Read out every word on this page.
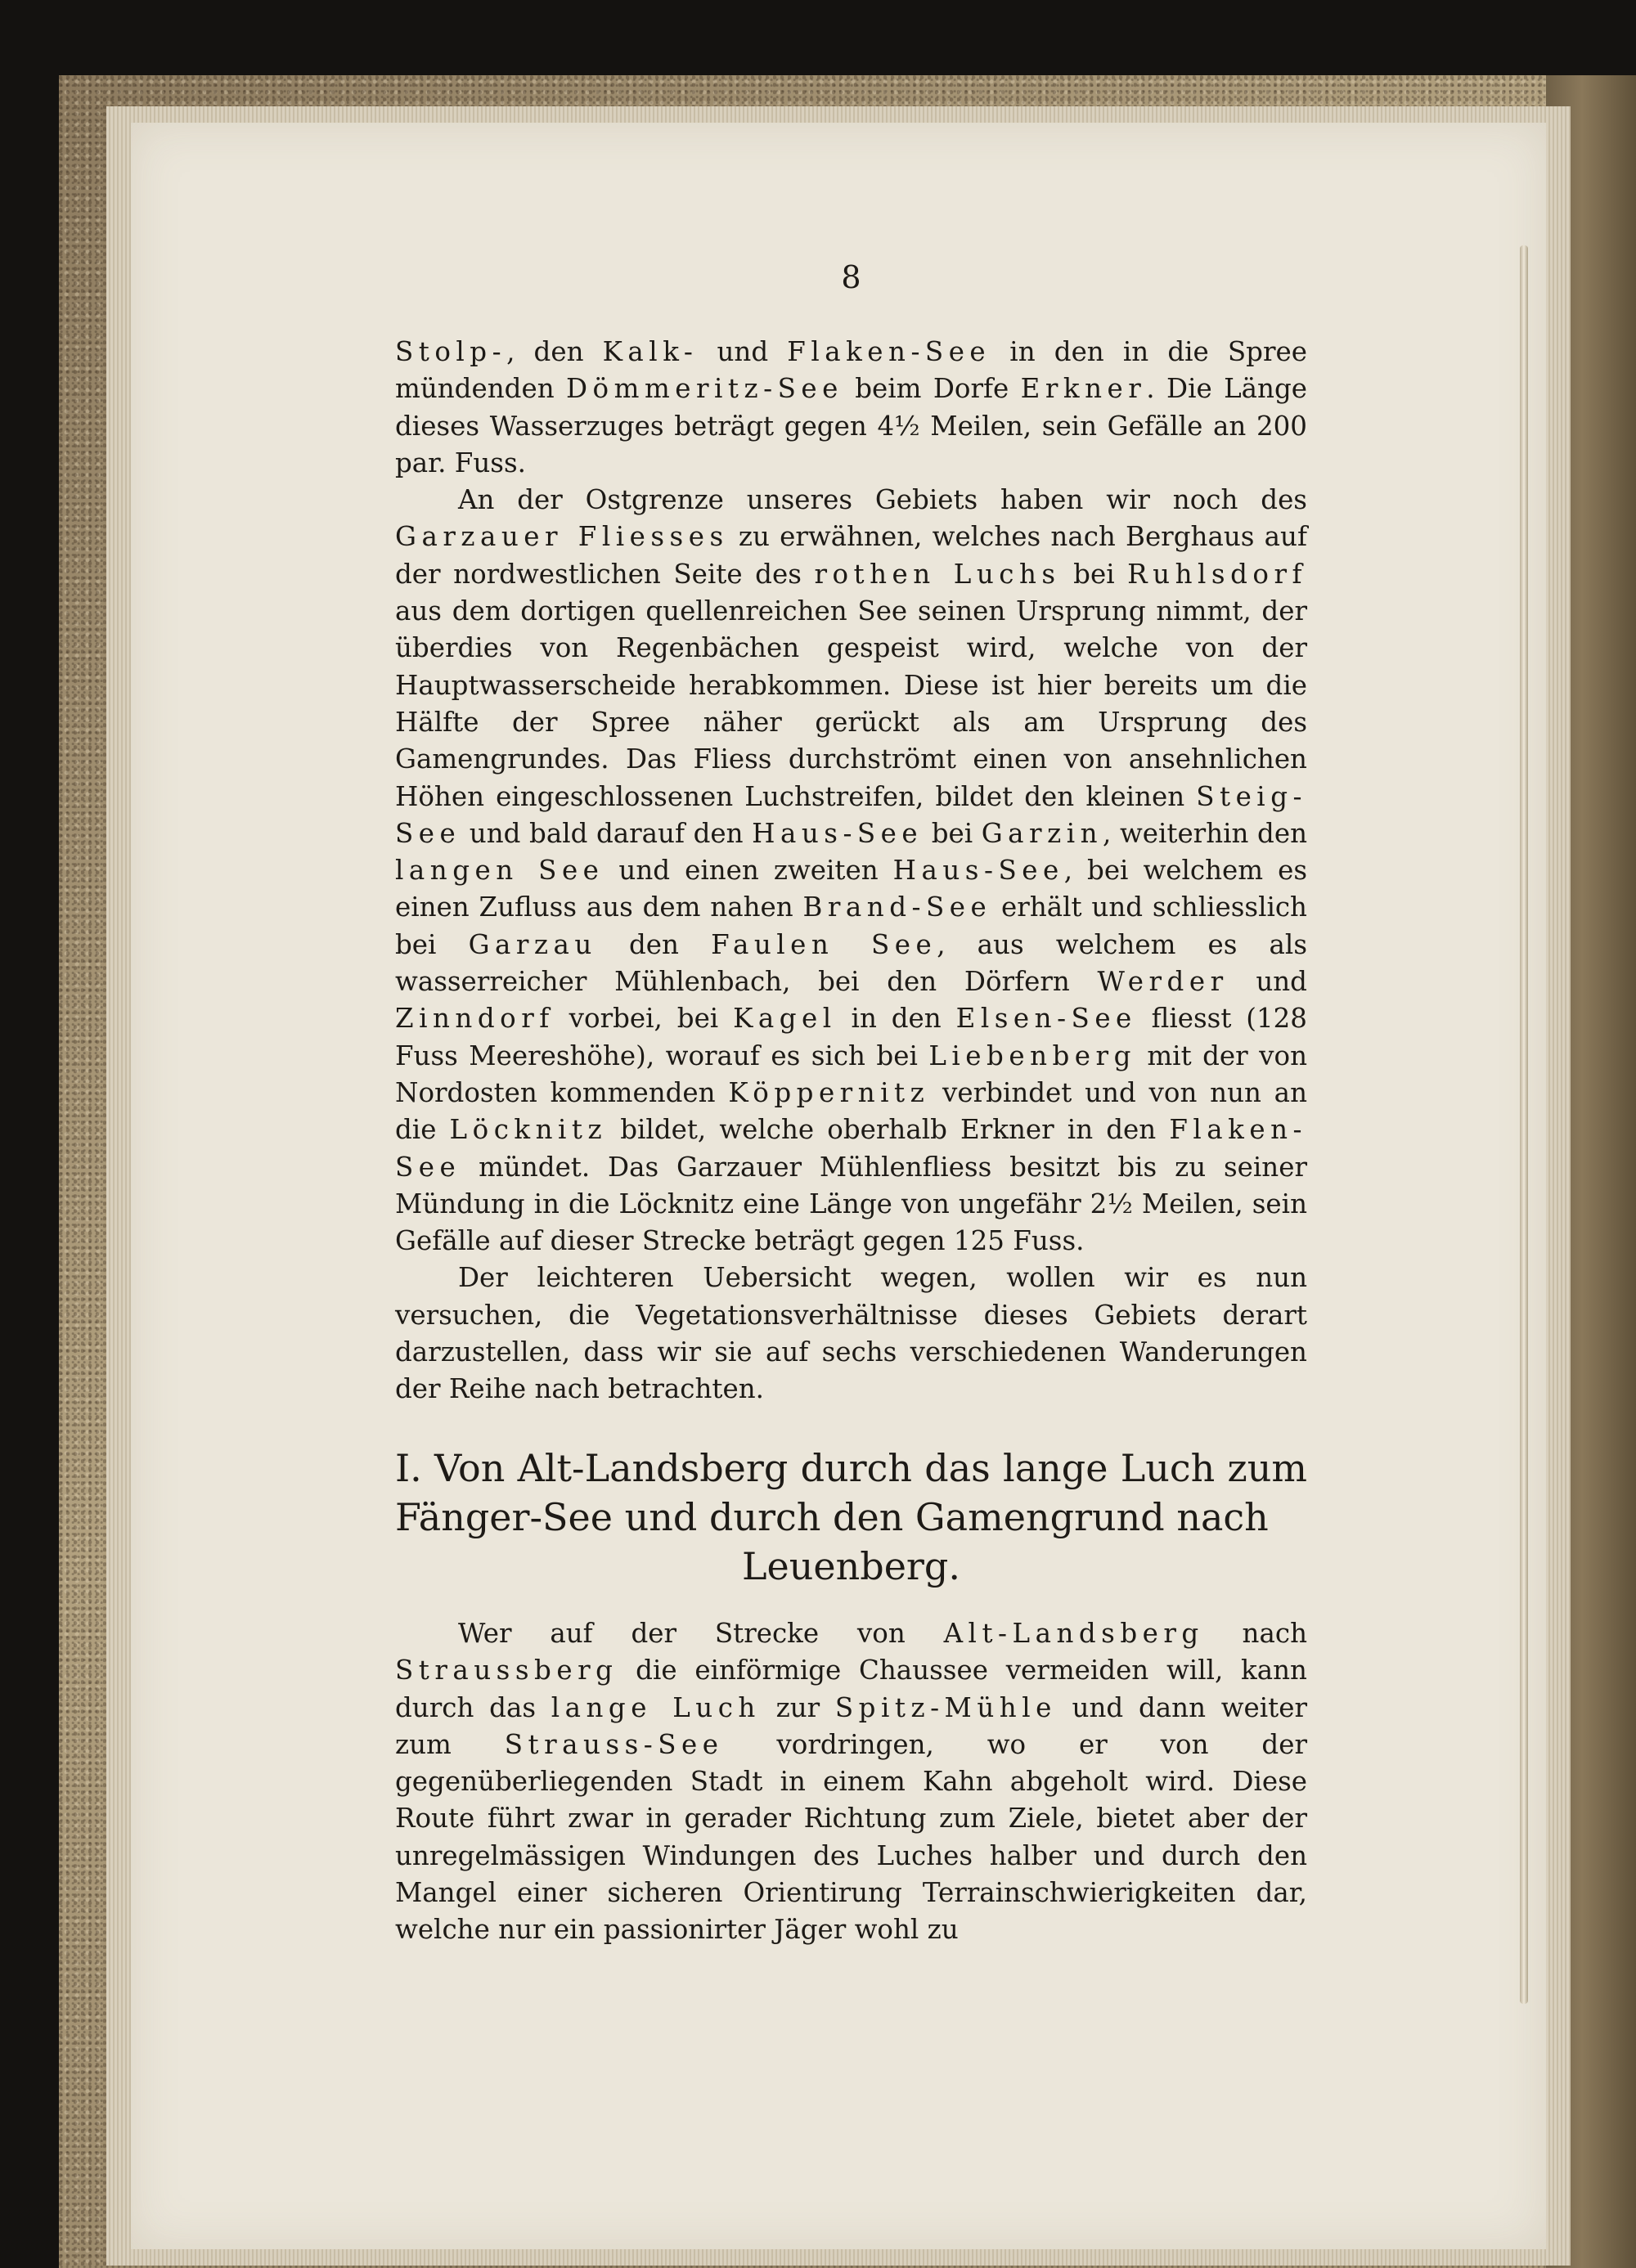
8

Stolp-, den Kalk- und Flaken-See in den in die Spree mündenden Dömmeritz-See beim Dorfe Erkner. Die Länge dieses Wasserzuges beträgt gegen 4½ Meilen, sein Gefälle an 200 par. Fuss.

An der Ostgrenze unseres Gebiets haben wir noch des Garzauer Fliesses zu erwähnen, welches nach Berghaus auf der nordwestlichen Seite des rothen Luchs bei Ruhlsdorf aus dem dortigen quellenreichen See seinen Ursprung nimmt, der überdies von Regenbächen gespeist wird, welche von der Hauptwasserscheide herabkommen. Diese ist hier bereits um die Hälfte der Spree näher gerückt als am Ursprung des Gamengrundes. Das Fliess durchströmt einen von ansehnlichen Höhen eingeschlossenen Luchstreifen, bildet den kleinen Steig-See und bald darauf den Haus-See bei Garzin, weiterhin den langen See und einen zweiten Haus-See, bei welchem es einen Zufluss aus dem nahen Brand-See erhält und schliesslich bei Garzau den Faulen See, aus welchem es als wasserreicher Mühlenbach, bei den Dörfern Werder und Zinndorf vorbei, bei Kagel in den Elsen-See fliesst (128 Fuss Meereshöhe), worauf es sich bei Liebenberg mit der von Nordosten kommenden Köppernitz verbindet und von nun an die Löcknitz bildet, welche oberhalb Erkner in den Flaken-See mündet. Das Garzauer Mühlenfliess besitzt bis zu seiner Mündung in die Löcknitz eine Länge von ungefähr 2½ Meilen, sein Gefälle auf dieser Strecke beträgt gegen 125 Fuss.

Der leichteren Uebersicht wegen, wollen wir es nun versuchen, die Vegetationsverhältnisse dieses Gebiets derart darzustellen, dass wir sie auf sechs verschiedenen Wanderungen der Reihe nach betrachten.

I. Von Alt-Landsberg durch das lange Luch zum Fänger-See und durch den Gamengrund nach
Leuenberg.

Wer auf der Strecke von Alt-Landsberg nach Straussberg die einförmige Chaussee vermeiden will, kann durch das lange Luch zur Spitz-Mühle und dann weiter zum Strauss-See vordringen, wo er von der gegenüberliegenden Stadt in einem Kahn abgeholt wird. Diese Route führt zwar in gerader Richtung zum Ziele, bietet aber der unregelmässigen Windungen des Luches halber und durch den Mangel einer sicheren Orientirung Terrainschwierigkeiten dar, welche nur ein passionirter Jäger wohl zu
